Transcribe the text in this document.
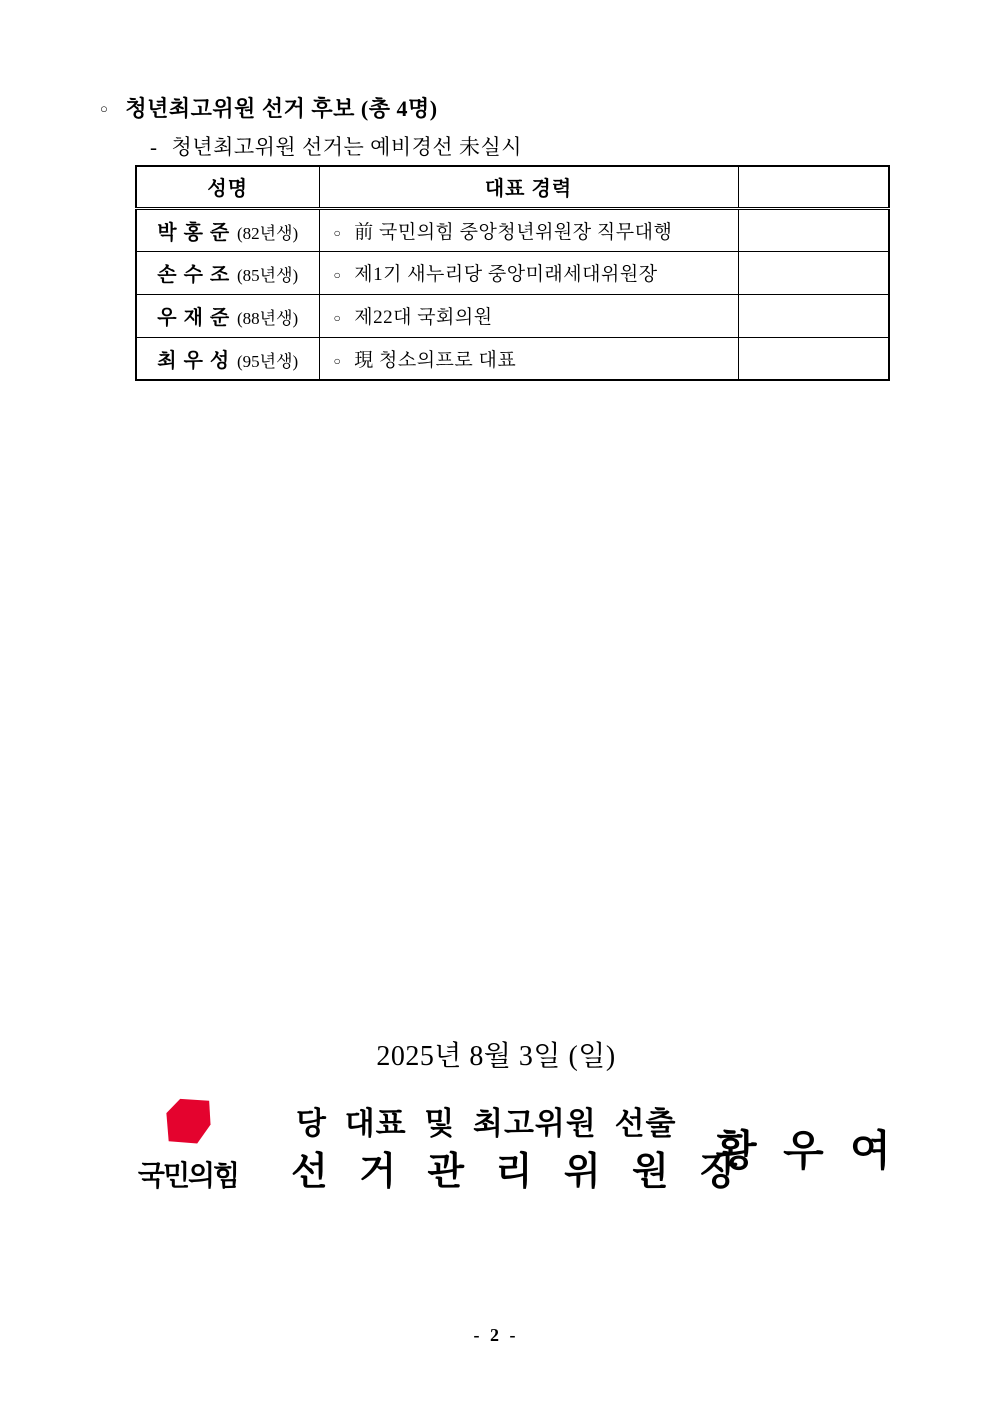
○ 청년최고위원 선거 후보 (총 4명)
- 청년최고위원 선거는 예비경선 未실시
성명	대표 경력	
박 홍 준 (82년생)	○ 前 국민의힘 중앙청년위원장 직무대행	
손 수 조 (85년생)	○ 제1기 새누리당 중앙미래세대위원장	
우 재 준 (88년생)	○ 제22대 국회의원	
최 우 성 (95년생)	○ 現 청소의프로 대표	
2025년 8월 3일 (일)
국민의힘
당 대표 및 최고위원 선출
선 거 관 리 위 원 장
황 우 여
- 2 -
